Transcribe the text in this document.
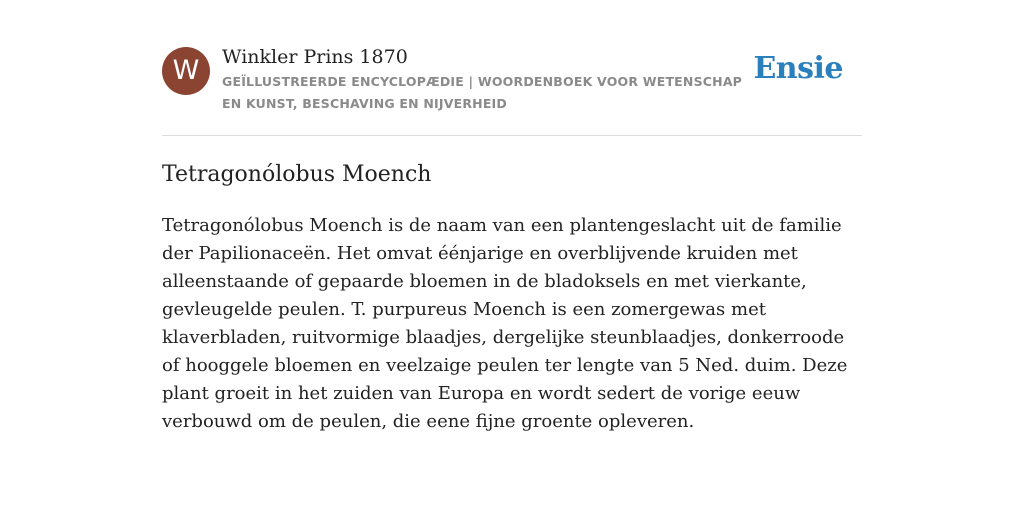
W	Winkler Prins 1870
GEÏLLUSTREERDE ENCYCLOPÆDIE | WOORDENBOEK VOOR WETENSCHAP EN KUNST, BESCHAVING EN NIJVERHEID
Ensie
Tetragonólobus Moench

Tetragonólobus Moench is de naam van een plantengeslacht uit de familie der Papilionaceën. Het omvat éénjarige en overblijvende kruiden met alleenstaande of gepaarde bloemen in de bladoksels en met vierkante, gevleugelde peulen. T. purpureus Moench is een zomergewas met klaverbladen, ruitvormige blaadjes, dergelijke steunblaadjes, donkerroode of hooggele bloemen en veelzaige peulen ter lengte van 5 Ned. duim. Deze plant groeit in het zuiden van Europa en wordt sedert de vorige eeuw verbouwd om de peulen, die eene fijne groente opleveren.
